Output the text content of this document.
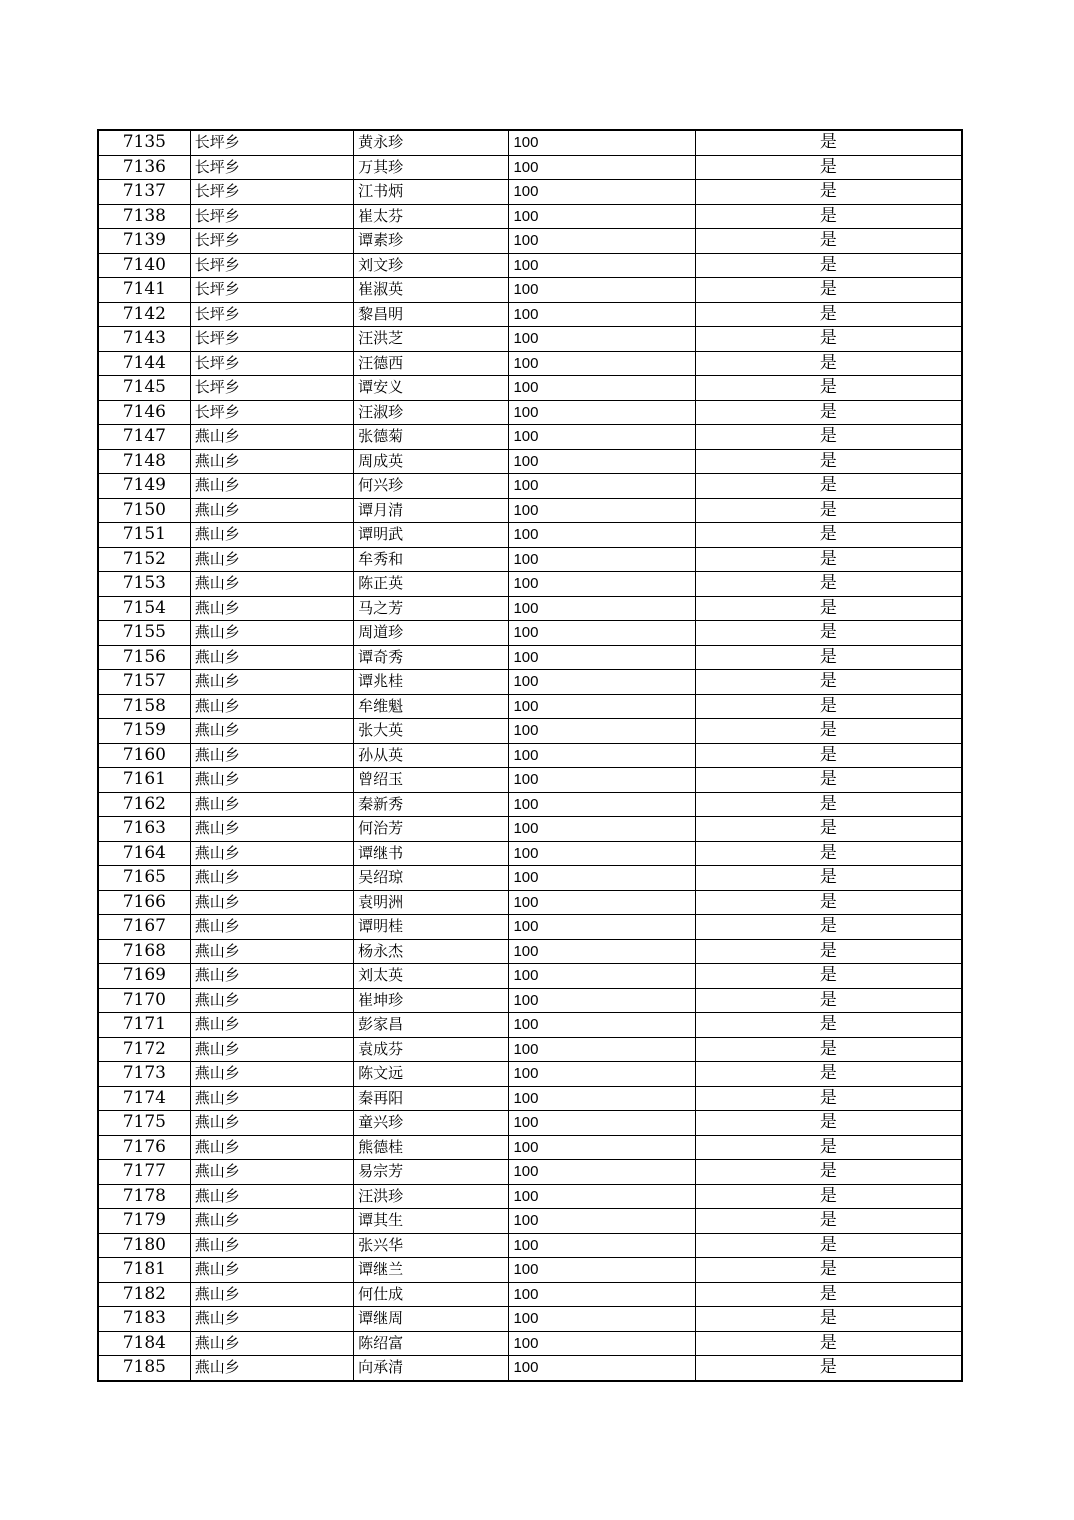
7135	长坪乡	黄永珍	100	是
7136	长坪乡	万其珍	100	是
7137	长坪乡	江书炳	100	是
7138	长坪乡	崔太芬	100	是
7139	长坪乡	谭素珍	100	是
7140	长坪乡	刘文珍	100	是
7141	长坪乡	崔淑英	100	是
7142	长坪乡	黎昌明	100	是
7143	长坪乡	汪洪芝	100	是
7144	长坪乡	汪德西	100	是
7145	长坪乡	谭安义	100	是
7146	长坪乡	汪淑珍	100	是
7147	燕山乡	张德菊	100	是
7148	燕山乡	周成英	100	是
7149	燕山乡	何兴珍	100	是
7150	燕山乡	谭月清	100	是
7151	燕山乡	谭明武	100	是
7152	燕山乡	牟秀和	100	是
7153	燕山乡	陈正英	100	是
7154	燕山乡	马之芳	100	是
7155	燕山乡	周道珍	100	是
7156	燕山乡	谭奇秀	100	是
7157	燕山乡	谭兆桂	100	是
7158	燕山乡	牟维魁	100	是
7159	燕山乡	张大英	100	是
7160	燕山乡	孙从英	100	是
7161	燕山乡	曾绍玉	100	是
7162	燕山乡	秦新秀	100	是
7163	燕山乡	何治芳	100	是
7164	燕山乡	谭继书	100	是
7165	燕山乡	吴绍琼	100	是
7166	燕山乡	袁明洲	100	是
7167	燕山乡	谭明桂	100	是
7168	燕山乡	杨永杰	100	是
7169	燕山乡	刘太英	100	是
7170	燕山乡	崔坤珍	100	是
7171	燕山乡	彭家昌	100	是
7172	燕山乡	袁成芬	100	是
7173	燕山乡	陈文远	100	是
7174	燕山乡	秦再阳	100	是
7175	燕山乡	童兴珍	100	是
7176	燕山乡	熊德桂	100	是
7177	燕山乡	易宗芳	100	是
7178	燕山乡	汪洪珍	100	是
7179	燕山乡	谭其生	100	是
7180	燕山乡	张兴华	100	是
7181	燕山乡	谭继兰	100	是
7182	燕山乡	何仕成	100	是
7183	燕山乡	谭继周	100	是
7184	燕山乡	陈绍富	100	是
7185	燕山乡	向承清	100	是
